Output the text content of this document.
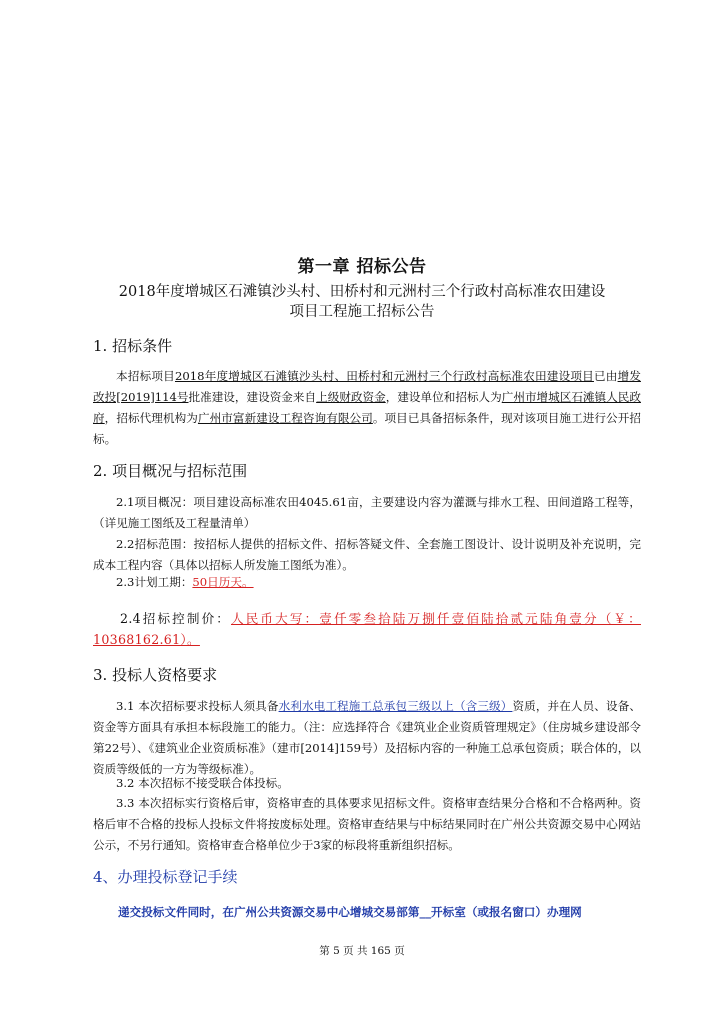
第一章 招标公告
2018年度增城区石滩镇沙头村、田桥村和元洲村三个行政村高标准农田建设
项目工程施工招标公告
1. 招标条件

本招标项目2018年度增城区石滩镇沙头村、田桥村和元洲村三个行政村高标准农田建设项目已由增发改投[2019]114号批准建设，建设资金来自上级财政资金，建设单位和招标人为广州市增城区石滩镇人民政府，招标代理机构为广州市富新建设工程咨询有限公司。项目已具备招标条件，现对该项目施工进行公开招标。

2. 项目概况与招标范围

2.1项目概况：项目建设高标准农田4045.61亩，主要建设内容为灌溉与排水工程、田间道路工程等，（详见施工图纸及工程量清单）

2.2招标范围：按招标人提供的招标文件、招标答疑文件、全套施工图设计、设计说明及补充说明，完成本工程内容（具体以招标人所发施工图纸为准）。

2.3计划工期：50日历天。

2.4招标控制价：人民币大写：壹仟零叁拾陆万捌仟壹佰陆拾贰元陆角壹分（￥：10368162.61）。

3. 投标人资格要求

3.1 本次招标要求投标人须具备水利水电工程施工总承包三级以上（含三级）资质，并在人员、设备、资金等方面具有承担本标段施工的能力。（注：应选择符合《建筑业企业资质管理规定》（住房城乡建设部令第22号）、《建筑业企业资质标准》（建市[2014]159号）及招标内容的一种施工总承包资质；联合体的，以资质等级低的一方为等级标准）。

3.2 本次招标不接受联合体投标。

3.3 本次招标实行资格后审，资格审查的具体要求见招标文件。资格审查结果分合格和不合格两种。资格后审不合格的投标人投标文件将按废标处理。资格审查结果与中标结果同时在广州公共资源交易中心网站公示，不另行通知。资格审查合格单位少于3家的标段将重新组织招标。

4、办理投标登记手续
递交投标文件同时，在广州公共资源交易中心增城交易部第__开标室（或报名窗口）办理网
第 5 页 共 165 页
